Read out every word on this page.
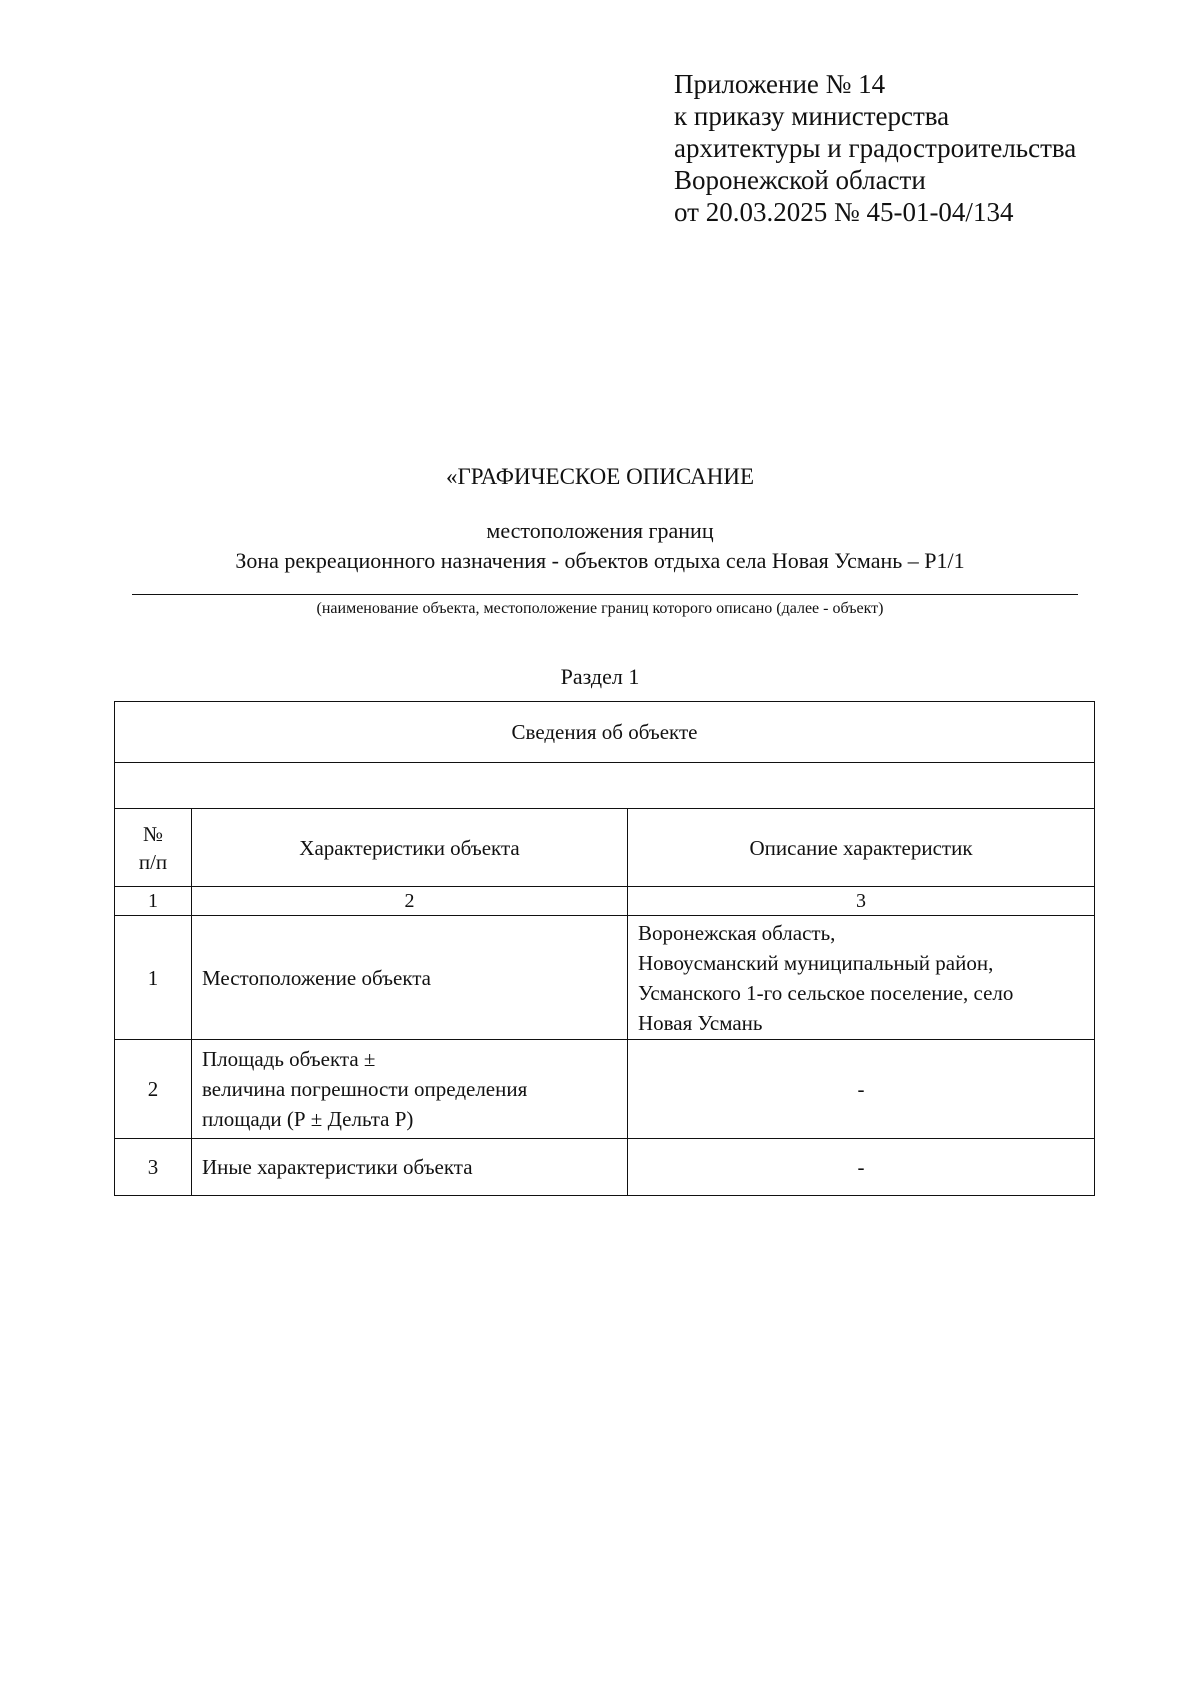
Приложение № 14
к приказу министерства
архитектуры и градостроительства
Воронежской области
от 20.03.2025 № 45-01-04/134
«ГРАФИЧЕСКОЕ ОПИСАНИЕ
местоположения границ
Зона рекреационного назначения - объектов отдыха села Новая Усмань – Р1/1
(наименование объекта, местоположение границ которого описано (далее - объект)
Раздел 1
Сведения об объекте		

№
п/п	Характеристики объекта	Описание характеристик
1	2	3
1	Местоположение объекта	Воронежская область,
Новоусманский муниципальный район,
Усманского 1-го сельское поселение, село
Новая Усмань

2	Площадь объекта ±
величина погрешности определения
площади (Р ± Дельта Р)	-
3	Иные характеристики объекта	-
